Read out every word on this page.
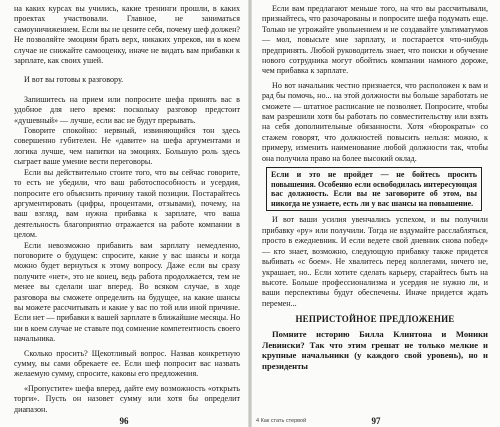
на каких курсах вы учились, какие тренинги прошли, в каких проектах участвовали. Главное, не заниматься самоуничижением. Если вы не цените себя, почему шеф должен? Не позволяйте эмоциям брать верх, никаких упреков, ни в коем случае не снижайте самооценку, иначе не видать вам прибавки к зарплате, как своих ушей.

И вот вы готовы к разговору.

Запишитесь на прием или попросите шефа принять вас в удобное для него время: поскольку разговор предстоит «душевный» — лучше, если вас не будут прерывать.

Говорите спокойно: нервный, извиняющийся тон здесь совершенно губителен. Не «давите» на шефа аргументами и логика лучше, чем напитки на эмоциях. Большую роль здесь сыграет ваше умение вести переговоры.

Если вы действительно стоите того, что вы сейчас говорите, то есть не убедили, что ваш работоспособность и усердия, попросите его объяснить причину такой позиции. Постарайтесь аргументировать (цифры, процентами, отзывами), почему, на ваш взгляд, вам нужна прибавка к зарплате, что ваша деятельность благоприятно отражается на работе компании в целом.

Если невозможно прибавить вам зарплату немедленно, поговорите о будущем: спросите, какие у вас шансы и когда можно будет вернуться к этому вопросу. Даже если вы сразу получите «нет», это не конец, ведь работа продолжается, тем не менее вы сделали шаг вперед. Во всяком случае, в ходе разговора вы сможете определить на будущее, на какие шансы вы можете рассчитывать и какие у вас по той или иной причине. Если нет — прибавки к вашей зарплате в ближайшие месяцы. Но ни в коем случае не ставьте под сомнение компетентность своего начальника.

Сколько просить? Щекотливый вопрос. Назвав конкретную сумму, вы сами обрекаете ее. Если шеф попросит вас назвать желаемую сумму, спросите, каковы его предложения.

«Пропустите» шефа вперед, дайте ему возможность «открыть торги». Пусть он назовет сумму или хотя бы определит диапазон.

96

Если вам предлагают меньше того, на что вы рассчитывали, признайтесь, что разочарованы и попросите шефа подумать еще. Только не угрожайте увольнением и не создавайте ультиматумов — мол, повысьте мне зарплату, и постарается что-нибудь предпринять. Любой руководитель знает, что поиски и обучение нового сотрудника могут обойтись компании намного дороже, чем прибавка к зарплате.

Но вот начальник честно признается, что расположен к вам и рад бы помочь, но... на этой должности вы больше заработать не сможете — штатное расписание не позволяет. Попросите, чтобы вам разрешили хотя бы работать по совместительству или взять на себя дополнительные обязанности. Хотя «бюрократы» со стажем говорят, что должностей повысить нельзя: можно, к примеру, изменить наименование любой должности так, чтобы она получила право на более высокий оклад.

Если и это не пройдет — не бойтесь просить повышения. Особенно если освободилась интересующая вас должность. Если вы не заговорите об этом, вы никогда не узнаете, есть ли у вас шансы на повышение.

И вот ваши усилия увенчались успехом, и вы получили прибавку «ру» или получили. Тогда не вздумайте расслабляться, просто в ежедневник. И если ведете свой дневник снова побед» — кто знает, возможно, следующую прибавку также придется выбивать «с боем». Не хвалитесь перед коллегами, ничего не, украшает, но.. Если хотите сделать карьеру, старайтесь быть на высоте. Больше профессионализма и усердия не нужно ли, и ваши перспективы будут обеспечены. Иначе придется ждать перемен...

НЕПРИСТОЙНОЕ ПРЕДЛОЖЕНИЕ

Помните историю Билла Клинтона и Моники Левински? Так что этим грешат не только мелкие и крупные начальники (у каждого свой уровень), но и президенты

4 Как стать стервой	97
